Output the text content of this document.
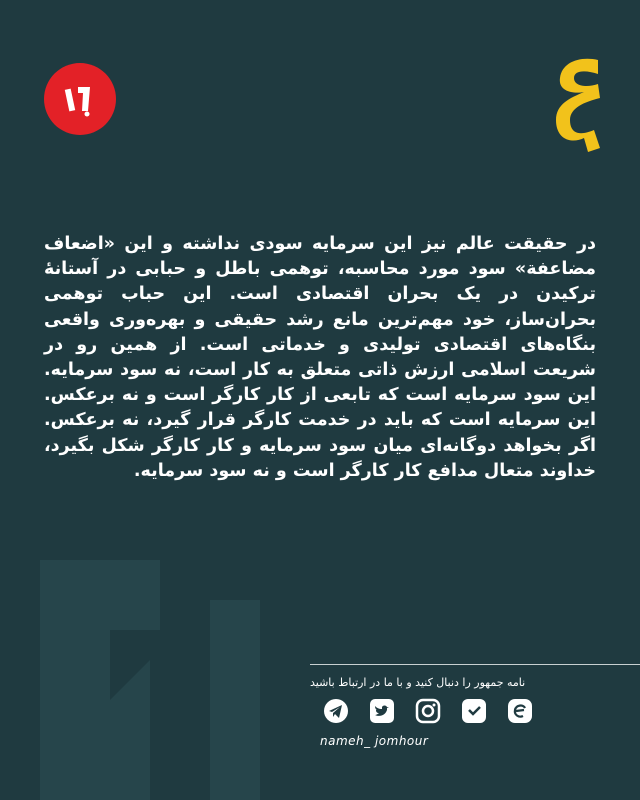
در حقیقت عالم نیز این سرمایه سودی نداشته و این «اضعاف مضاعفة» سود مورد محاسبه، توهمی باطل و حبابی در آستانهٔ ترکیدن در یک بحران اقتصادی است. این حباب توهمی بحران‌ساز، خود مهم‌ترین مانع رشد حقیقی و بهره‌وری واقعی بنگاه‌های اقتصادی تولیدی و خدماتی است. از همین رو در شریعت اسلامی ارزش ذاتی متعلق به کار است، نه سود سرمایه. این سود سرمایه است که تابعی از کار کارگر است و نه برعکس. این سرمایه است که باید در خدمت کارگر قرار گیرد، نه برعکس. اگر بخواهد دوگانه‌ای میان سود سرمایه و کار کارگر شکل بگیرد، خداوند متعال مدافع کار کارگر است و نه سود سرمایه.

نامه جمهور را دنبال کنید و با ما در ارتباط باشید

nameh_ jomhour
